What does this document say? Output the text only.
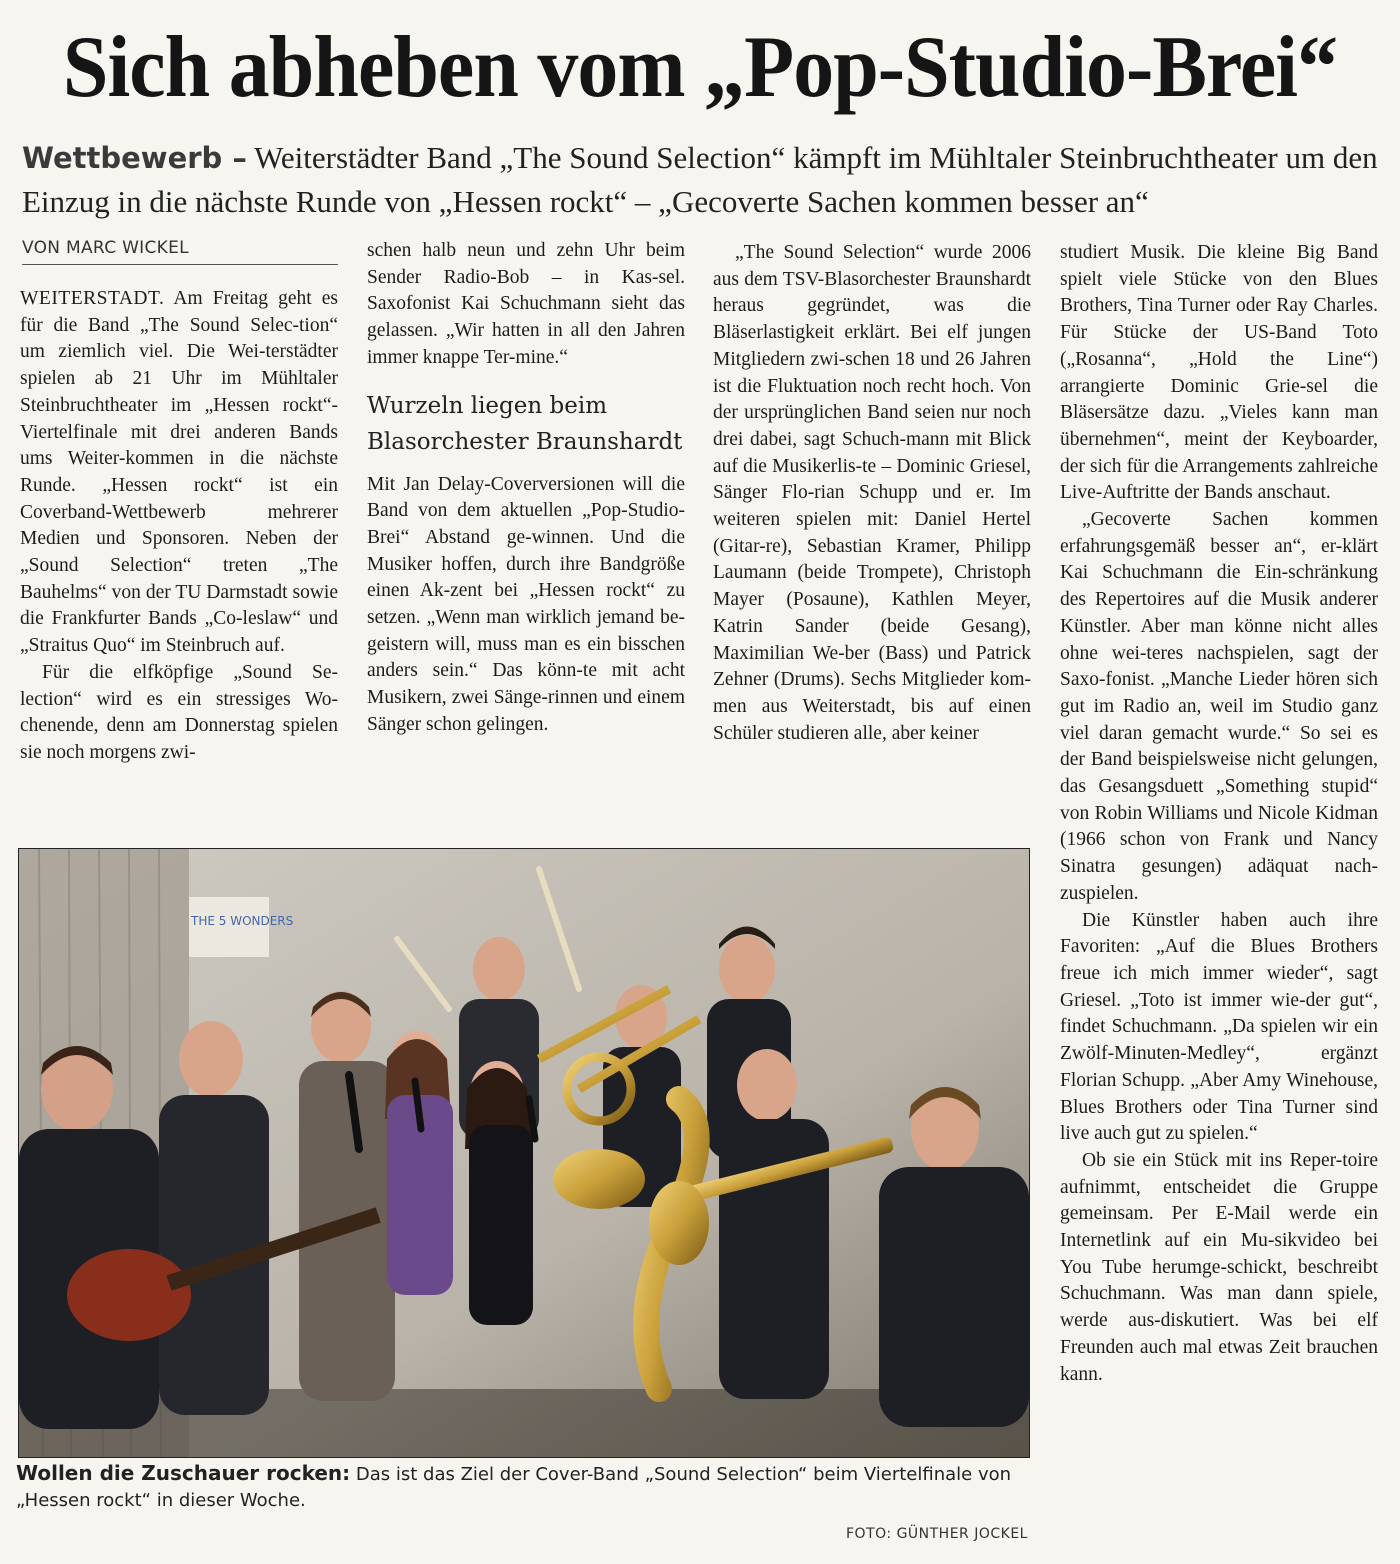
Sich abheben vom „Pop-Studio-Brei“
Wettbewerb – Weiterstädter Band „The Sound Selection“ kämpft im Mühltaler Steinbruchtheater um den Einzug in die nächste Runde von „Hessen rockt“ – „Gecoverte Sachen kommen besser an“
VON MARC WICKEL

WEITERSTADT. Am Freitag geht es für die Band „The Sound Selec-tion“ um ziemlich viel. Die Wei-terstädter spielen ab 21 Uhr im Mühltaler Steinbruchtheater im „Hessen rockt“-Viertelfinale mit drei anderen Bands ums Weiter-kommen in die nächste Runde. „Hessen rockt“ ist ein Coverband-Wettbewerb mehrerer Medien und Sponsoren. Neben der „Sound Selection“ treten „The Bauhelms“ von der TU Darmstadt sowie die Frankfurter Bands „Co-leslaw“ und „Straitus Quo“ im Steinbruch auf.

Für die elfköpfige „Sound Se-lection“ wird es ein stressiges Wo-chenende, denn am Donnerstag spielen sie noch morgens zwi-

schen halb neun und zehn Uhr beim Sender Radio-Bob – in Kas-sel. Saxofonist Kai Schuchmann sieht das gelassen. „Wir hatten in all den Jahren immer knappe Ter-mine.“

Wurzeln liegen beim Blasorchester Braunshardt

Mit Jan Delay-Coverversionen will die Band von dem aktuellen „Pop-Studio-Brei“ Abstand ge-winnen. Und die Musiker hoffen, durch ihre Bandgröße einen Ak-zent bei „Hessen rockt“ zu setzen. „Wenn man wirklich jemand be-geistern will, muss man es ein bisschen anders sein.“ Das könn-te mit acht Musikern, zwei Sänge-rinnen und einem Sänger schon gelingen.

„The Sound Selection“ wurde 2006 aus dem TSV-Blasorchester Braunshardt heraus gegründet, was die Bläserlastigkeit erklärt. Bei elf jungen Mitgliedern zwi-schen 18 und 26 Jahren ist die Fluktuation noch recht hoch. Von der ursprünglichen Band seien nur noch drei dabei, sagt Schuch-mann mit Blick auf die Musikerlis-te – Dominic Griesel, Sänger Flo-rian Schupp und er. Im weiteren spielen mit: Daniel Hertel (Gitar-re), Sebastian Kramer, Philipp Laumann (beide Trompete), Christoph Mayer (Posaune), Kathlen Meyer, Katrin Sander (beide Gesang), Maximilian We-ber (Bass) und Patrick Zehner (Drums). Sechs Mitglieder kom-men aus Weiterstadt, bis auf einen Schüler studieren alle, aber keiner

studiert Musik. Die kleine Big Band spielt viele Stücke von den Blues Brothers, Tina Turner oder Ray Charles. Für Stücke der US-Band Toto („Rosanna“, „Hold the Line“) arrangierte Dominic Grie-sel die Bläsersätze dazu. „Vieles kann man übernehmen“, meint der Keyboarder, der sich für die Arrangements zahlreiche Live-Auftritte der Bands anschaut.

„Gecoverte Sachen kommen erfahrungsgemäß besser an“, er-klärt Kai Schuchmann die Ein-schränkung des Repertoires auf die Musik anderer Künstler. Aber man könne nicht alles ohne wei-teres nachspielen, sagt der Saxo-fonist. „Manche Lieder hören sich gut im Radio an, weil im Studio ganz viel daran gemacht wurde.“ So sei es der Band beispielsweise nicht gelungen, das Gesangsduett „Something stupid“ von Robin Williams und Nicole Kidman (1966 schon von Frank und Nancy Sinatra gesungen) adäquat nach-zuspielen.

Die Künstler haben auch ihre Favoriten: „Auf die Blues Brothers freue ich mich immer wieder“, sagt Griesel. „Toto ist immer wie-der gut“, findet Schuchmann. „Da spielen wir ein Zwölf-Minuten-Medley“, ergänzt Florian Schupp. „Aber Amy Winehouse, Blues Brothers oder Tina Turner sind live auch gut zu spielen.“

Ob sie ein Stück mit ins Reper-toire aufnimmt, entscheidet die Gruppe gemeinsam. Per E-Mail werde ein Internetlink auf ein Mu-sikvideo bei You Tube herumge-schickt, beschreibt Schuchmann. Was man dann spiele, werde aus-diskutiert. Was bei elf Freunden auch mal etwas Zeit brauchen kann.

THE 5 WONDERS
Wollen die Zuschauer rocken: Das ist das Ziel der Cover-Band „Sound Selection“ beim Viertelfinale von „Hessen rockt“ in dieser Woche.
FOTO: GÜNTHER JOCKEL
